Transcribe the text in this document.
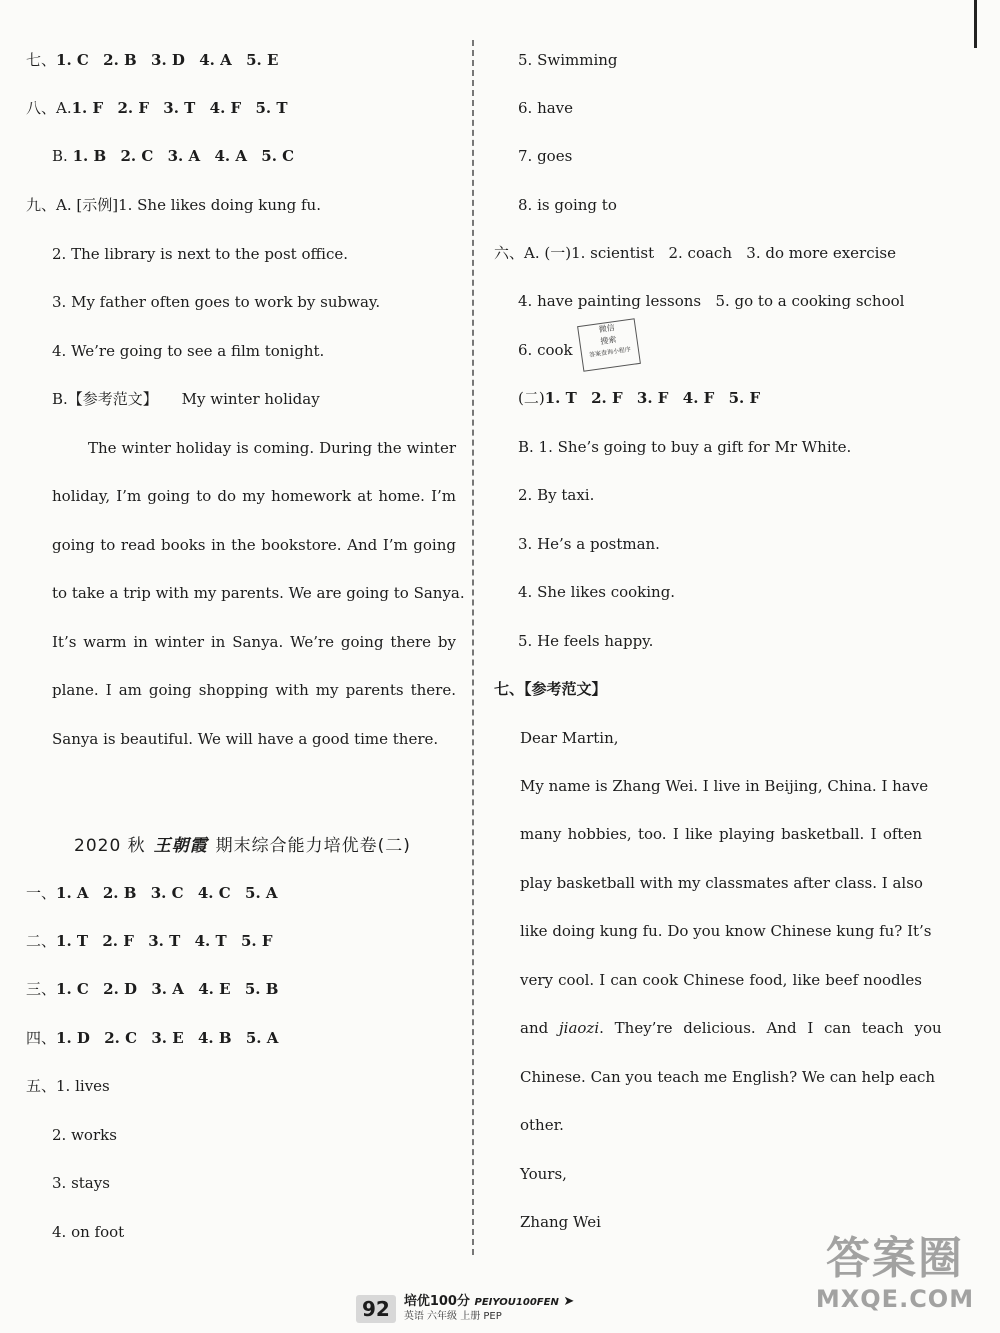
七、1. C 2. B 3. D 4. A 5. E
八、A.1. F 2. F 3. T 4. F 5. T
B. 1. B 2. C 3. A 4. A 5. C
九、A. [示例]1. She likes doing kung fu.
2. The library is next to the post office.
3. My father often goes to work by subway.
4. We’re going to see a film tonight.
B.【参考范文】 My winter holiday
The winter holiday is coming. During the winter
holiday, I’m going to do my homework at home. I’m
going to read books in the bookstore. And I’m going
to take a trip with my parents. We are going to Sanya.
It’s warm in winter in Sanya. We’re going there by
plane. I am going shopping with my parents there.
Sanya is beautiful. We will have a good time there.
2020 秋 王朝霞 期末综合能力培优卷(二)
一、1. A 2. B 3. C 4. C 5. A
二、1. T 2. F 3. T 4. T 5. F
三、1. C 2. D 3. A 4. E 5. B
四、1. D 2. C 3. E 4. B 5. A
五、1. lives
2. works
3. stays
4. on foot
5. Swimming
6. have
7. goes
8. is going to
六、A. (一)1. scientist 2. coach 3. do more exercise
4. have painting lessons 5. go to a cooking school
6. cook
(二)1. T 2. F 3. F 4. F 5. F
B. 1. She’s going to buy a gift for Mr White.
2. By taxi.
3. He’s a postman.
4. She likes cooking.
5. He feels happy.
七、【参考范文】
Dear Martin,
My name is Zhang Wei. I live in Beijing, China. I have
many hobbies, too. I like playing basketball. I often
play basketball with my classmates after class. I also
like doing kung fu. Do you know Chinese kung fu? It’s
very cool. I can cook Chinese food, like beef noodles
and jiaozi. They’re delicious. And I can teach you
Chinese. Can you teach me English? We can help each
other.
Yours,
Zhang Wei
微信
搜索
答案查询小程序
92	培优100分 PEIYOU100FEN ➤
英语 六年级 上册 PEP
答案圈
MXQE.COM
